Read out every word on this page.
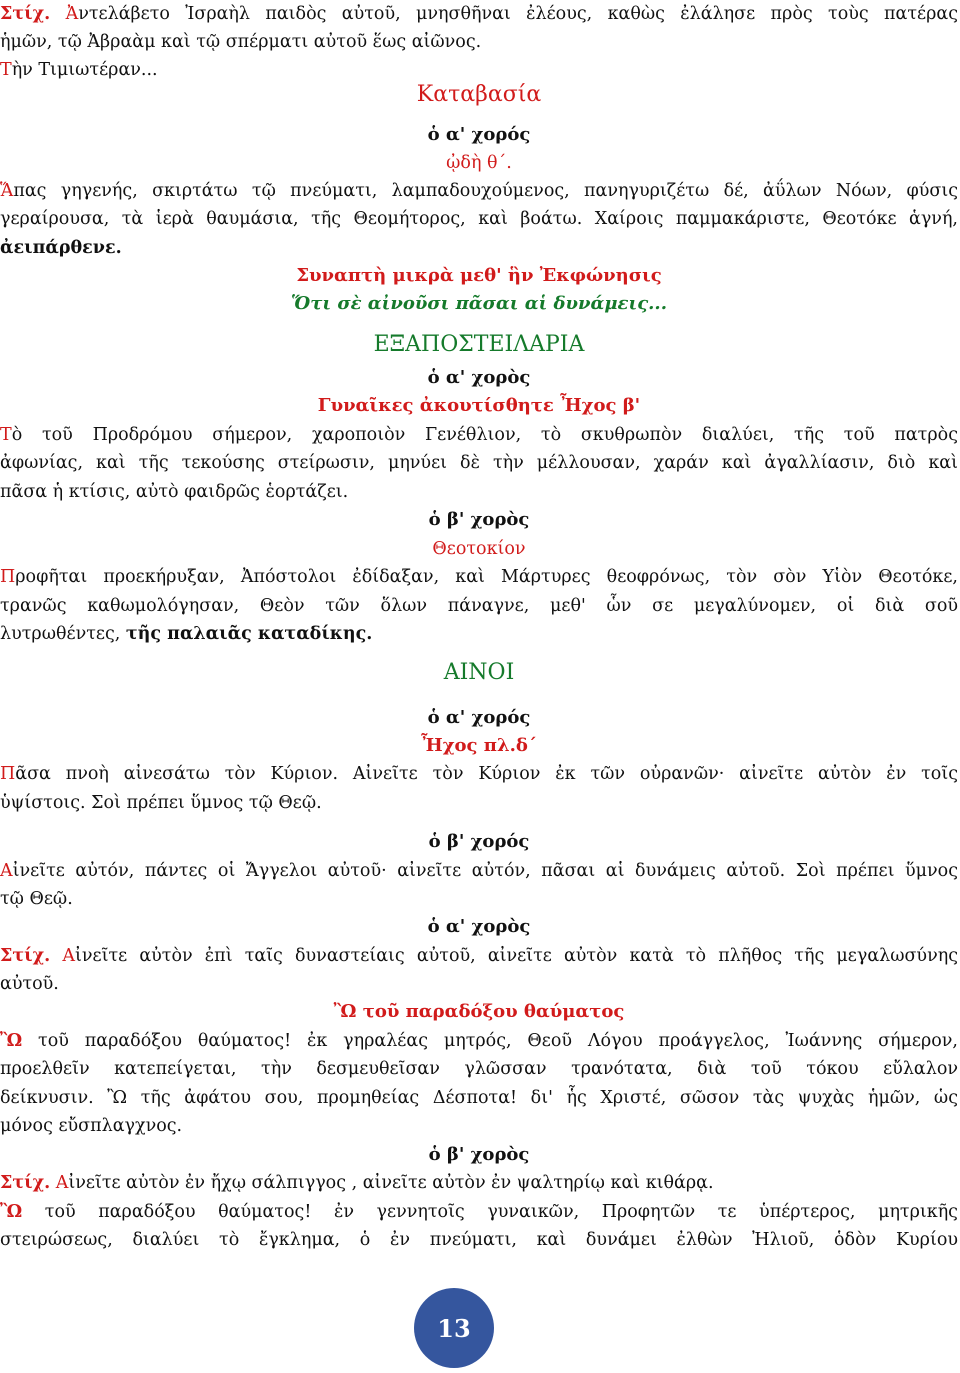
Στίχ. Ἀντελάβετο Ἰσραὴλ παιδὸς αὐτοῦ, μνησθῆναι ἐλέους, καθὼς ἐλάλησε πρὸς τοὺς πατέρας
ἡμῶν, τῷ Ἀβραὰμ καὶ τῷ σπέρματι αὐτοῦ ἕως αἰῶνος.
Τὴν Τιμιωτέραν...
Καταβασία
ὁ α' χορός
ᾠδὴ θ΄.
Ἅπας γηγενής, σκιρτάτω τῷ πνεύματι, λαμπαδουχούμενος, πανηγυριζέτω δέ, ἀΰλων Νόων, φύσις
γεραίρουσα, τὰ ἱερὰ θαυμάσια, τῆς Θεομήτορος, καὶ βοάτω. Χαίροις παμμακάριστε, Θεοτόκε ἁγνή,
ἀειπάρθενε.
Συναπτὴ μικρὰ μεθ' ἣν Ἐκφώνησις
Ὅτι σὲ αἰνοῦσι πᾶσαι αἱ δυνάμεις...
ΕΞΑΠΟΣΤΕΙΛΑΡΙΑ
ὁ α' χορὸς
Γυναῖκες ἀκουτίσθητε Ἦχος β'
Τὸ τοῦ Προδρόμου σήμερον, χαροποιὸν Γενέθλιον, τὸ σκυθρωπὸν διαλύει, τῆς τοῦ πατρὸς
ἀφωνίας, καὶ τῆς τεκούσης στείρωσιν, μηνύει δὲ τὴν μέλλουσαν, χαράν καὶ ἀγαλλίασιν, διὸ καὶ
πᾶσα ἡ κτίσις, αὐτὸ φαιδρῶς ἑορτάζει.
ὁ β' χορὸς
Θεοτοκίον
Προφῆται προεκήρυξαν, Ἀπόστολοι ἐδίδαξαν, καὶ Μάρτυρες θεοφρόνως, τὸν σὸν Υἱὸν Θεοτόκε,
τρανῶς καθωμολόγησαν, Θεὸν τῶν ὅλων πάναγνε, μεθ' ὧν σε μεγαλύνομεν, οἱ διὰ σοῦ
λυτρωθέντες, τῆς παλαιᾶς καταδίκης.
ΑΙΝΟΙ
ὁ α' χορός
Ἦχος πλ.δ΄
Πᾶσα πνοὴ αἰνεσάτω τὸν Κύριον. Αἰνεῖτε τὸν Κύριον ἐκ τῶν οὐρανῶν· αἰνεῖτε αὐτὸν ἐν τοῖς
ὑψίστοις. Σοὶ πρέπει ὕμνος τῷ Θεῷ.
ὁ β' χορός
Αἰνεῖτε αὐτόν, πάντες οἱ Ἄγγελοι αὐτοῦ· αἰνεῖτε αὐτόν, πᾶσαι αἱ δυνάμεις αὐτοῦ. Σοὶ πρέπει ὕμνος
τῷ Θεῷ.
ὁ α' χορὸς
Στίχ. Αἰνεῖτε αὐτὸν ἐπὶ ταῖς δυναστείαις αὐτοῦ, αἰνεῖτε αὐτὸν κατὰ τὸ πλῆθος τῆς μεγαλωσύνης
αὐτοῦ.
Ὢ τοῦ παραδόξου θαύματος
Ὢ τοῦ παραδόξου θαύματος! ἐκ γηραλέας μητρός, Θεοῦ Λόγου προάγγελος, Ἰωάννης σήμερον,
προελθεῖν κατεπείγεται, τὴν δεσμευθεῖσαν γλῶσσαν τρανότατα, διὰ τοῦ τόκου εὔλαλον
δείκνυσιν. Ὢ τῆς ἀφάτου σου, προμηθείας Δέσποτα! δι' ἧς Χριστέ, σῶσον τὰς ψυχὰς ἡμῶν, ὡς
μόνος εὔσπλαγχνος.
ὁ β' χορὸς
Στίχ. Αἰνεῖτε αὐτὸν ἐν ἤχῳ σάλπιγγος , αἰνεῖτε αὐτὸν ἐν ψαλτηρίῳ καὶ κιθάρᾳ.
Ὢ τοῦ παραδόξου θαύματος! ἐν γεννητοῖς γυναικῶν, Προφητῶν τε ὑπέρτερος, μητρικῆς
στειρώσεως, διαλύει τὸ ἔγκλημα, ὁ ἐν πνεύματι, καὶ δυνάμει ἐλθὼν Ἠλιοῦ, ὁδὸν Κυρίου
13
